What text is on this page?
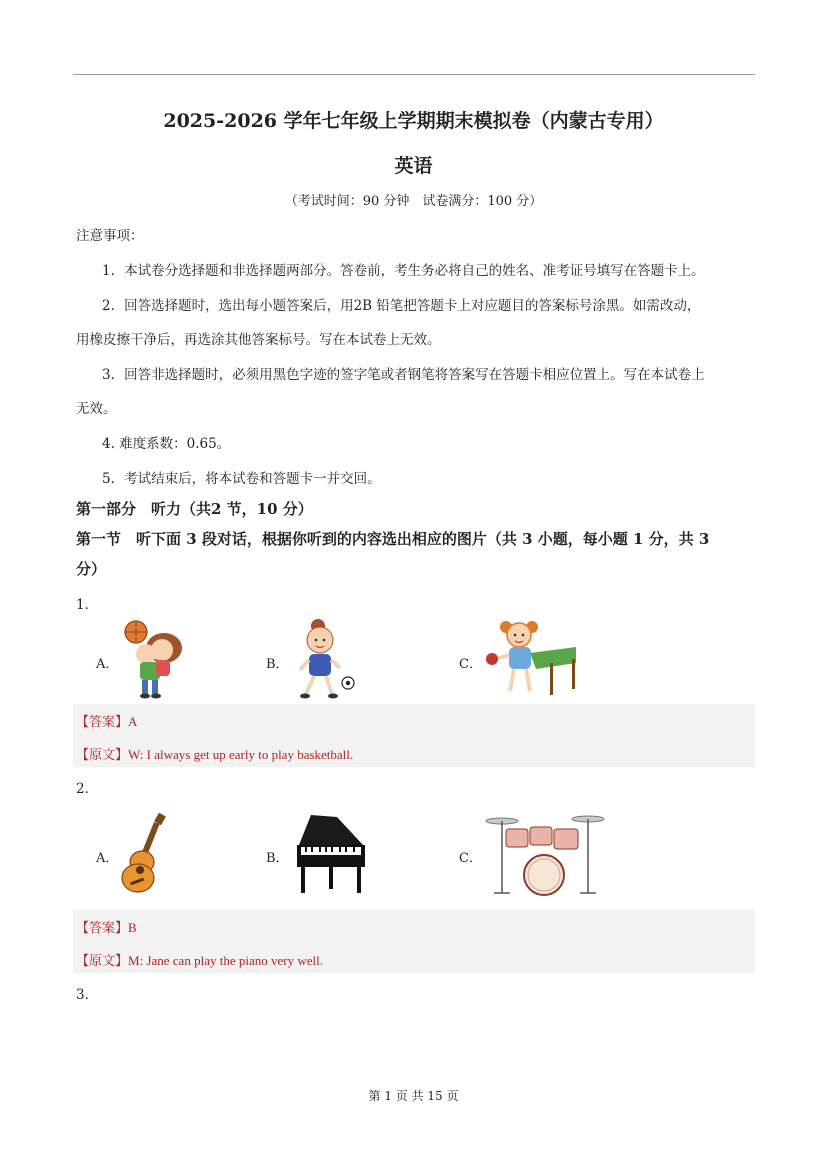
2025-2026 学年七年级上学期期末模拟卷（内蒙古专用）
英语
（考试时间：90 分钟　试卷满分：100 分）
注意事项：
1．本试卷分选择题和非选择题两部分。答卷前，考生务必将自己的姓名、准考证号填写在答题卡上。
2．回答选择题时，选出每小题答案后，用2B 铅笔把答题卡上对应题目的答案标号涂黑。如需改动，
用橡皮擦干净后，再选涂其他答案标号。写在本试卷上无效。
3．回答非选择题时，必须用黑色字迹的签字笔或者钢笔将答案写在答题卡相应位置上。写在本试卷上
无效。
4. 难度系数：0.65。
5．考试结束后，将本试卷和答题卡一并交回。
第一部分　听力（共2 节，10 分）
第一节　听下面 3 段对话，根据你听到的内容选出相应的图片（共 3 小题，每小题 1 分，共 3
分）
1．
A．	B．	C．
【答案】A
【原文】W: I always get up early to play basketball.
2．
A．	B．	C．
【答案】B
【原文】M: Jane can play the piano very well.
3．
第 1 页 共 15 页
